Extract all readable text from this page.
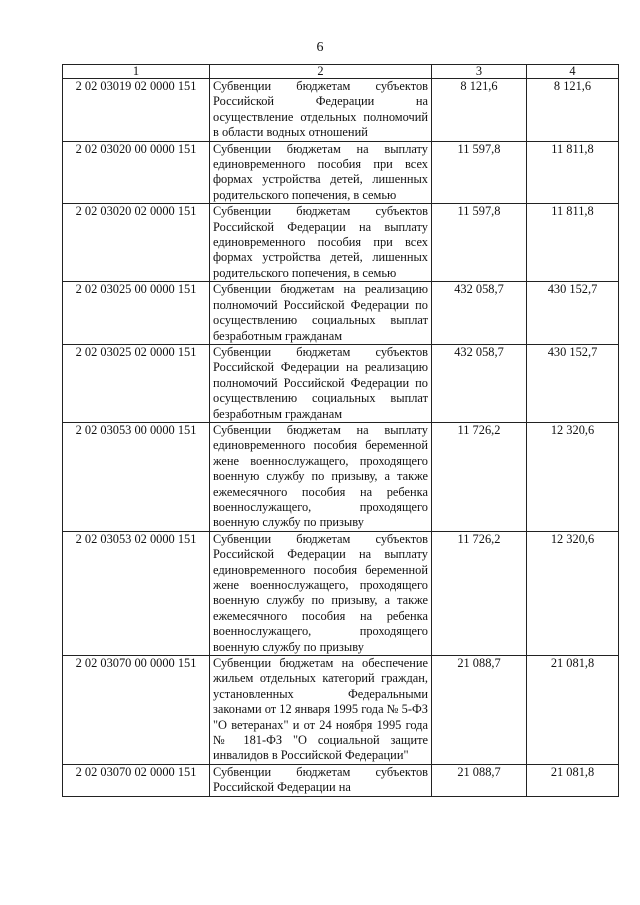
6
1	2	3	4
2 02 03019 02 0000 151	Субвенции бюджетам субъектов Российской Федерации на осуществление отдельных полномочий в области водных отношений	8 121,6	8 121,6
2 02 03020 00 0000 151	Субвенции бюджетам на выплату единовременного пособия при всех формах устройства детей, лишенных родительского попечения, в семью	11 597,8	11 811,8
2 02 03020 02 0000 151	Субвенции бюджетам субъектов Российской Федерации на выплату единовременного пособия при всех формах устройства детей, лишенных родительского попечения, в семью	11 597,8	11 811,8
2 02 03025 00 0000 151	Субвенции бюджетам на реализацию полномочий Российской Федерации по осуществлению социальных выплат безработным гражданам	432 058,7	430 152,7
2 02 03025 02 0000 151	Субвенции бюджетам субъектов Российской Федерации на реализацию полномочий Российской Федерации по осуществлению социальных выплат безработным гражданам	432 058,7	430 152,7
2 02 03053 00 0000 151	Субвенции бюджетам на выплату единовременного пособия беременной жене военнослужащего, проходящего военную службу по призыву, а также ежемесячного пособия на ребенка военнослужащего, проходящего военную службу по призыву	11 726,2	12 320,6
2 02 03053 02 0000 151	Субвенции бюджетам субъектов Российской Федерации на выплату единовременного пособия беременной жене военнослужащего, проходящего военную службу по призыву, а также ежемесячного пособия на ребенка военнослужащего, проходящего военную службу по призыву	11 726,2	12 320,6
2 02 03070 00 0000 151	Субвенции бюджетам на обеспечение жильем отдельных категорий граждан, установленных Федеральными законами от 12 января 1995 года № 5-ФЗ "О ветеранах" и от 24 ноября 1995 года № 181-ФЗ "О социальной защите инвалидов в Российской Федерации"	21 088,7	21 081,8
2 02 03070 02 0000 151	Субвенции бюджетам субъектов Российской Федерации на	21 088,7	21 081,8
